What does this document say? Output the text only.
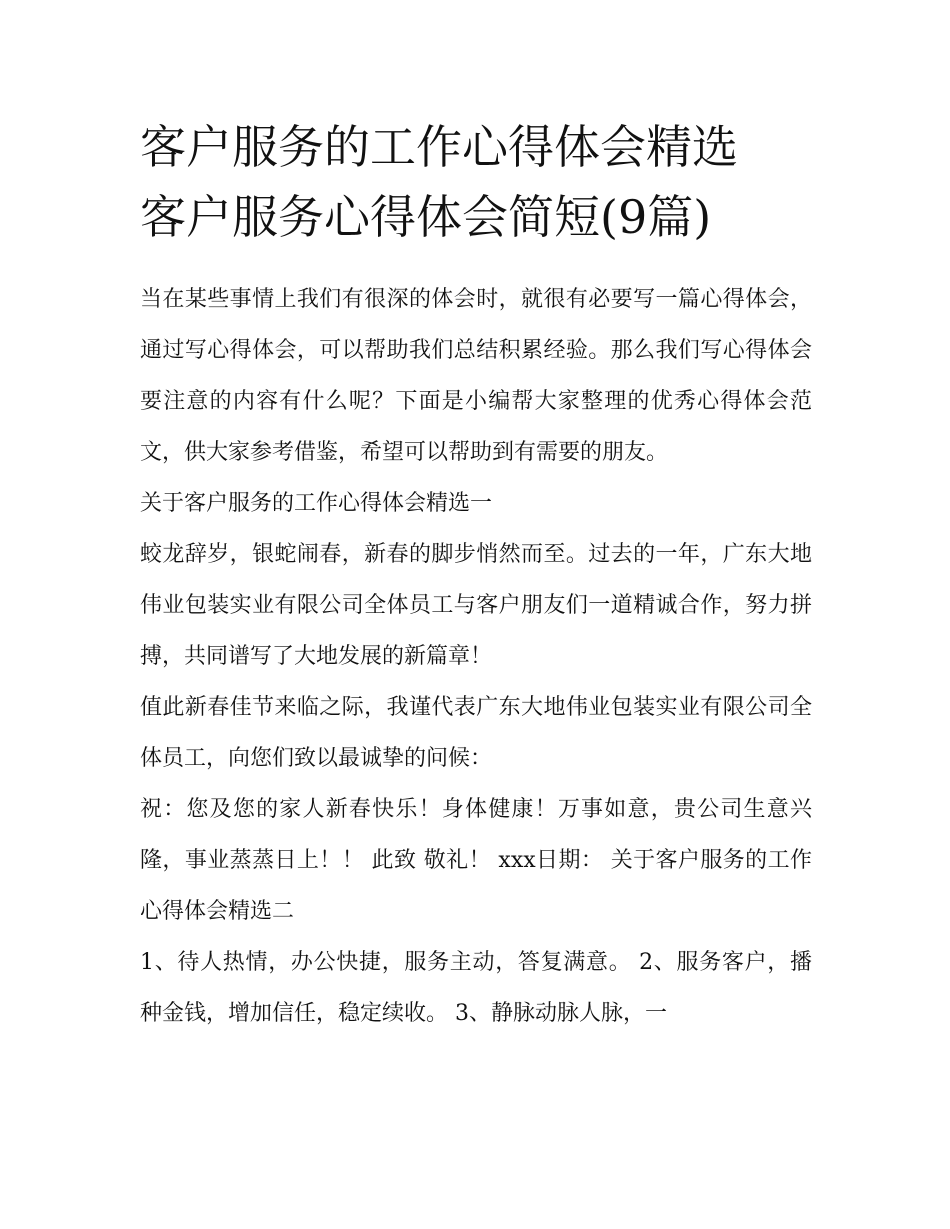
客户服务的工作心得体会精选
客户服务心得体会简短(9篇)

当在某些事情上我们有很深的体会时，就很有必要写一篇心得体会，通过写心得体会，可以帮助我们总结积累经验。那么我们写心得体会要注意的内容有什么呢？下面是小编帮大家整理的优秀心得体会范文，供大家参考借鉴，希望可以帮助到有需要的朋友。

关于客户服务的工作心得体会精选一

蛟龙辞岁，银蛇闹春，新春的脚步悄然而至。过去的一年，广东大地伟业包装实业有限公司全体员工与客户朋友们一道精诚合作，努力拼搏，共同谱写了大地发展的新篇章！

值此新春佳节来临之际，我谨代表广东大地伟业包装实业有限公司全体员工，向您们致以最诚挚的问候：

祝：您及您的家人新春快乐！身体健康！万事如意，贵公司生意兴隆，事业蒸蒸日上！！ 此致 敬礼！ xxx日期： 关于客户服务的工作心得体会精选二

1、待人热情，办公快捷，服务主动，答复满意。 2、服务客户，播种金钱，增加信任，稳定续收。 3、静脉动脉人脉，一
